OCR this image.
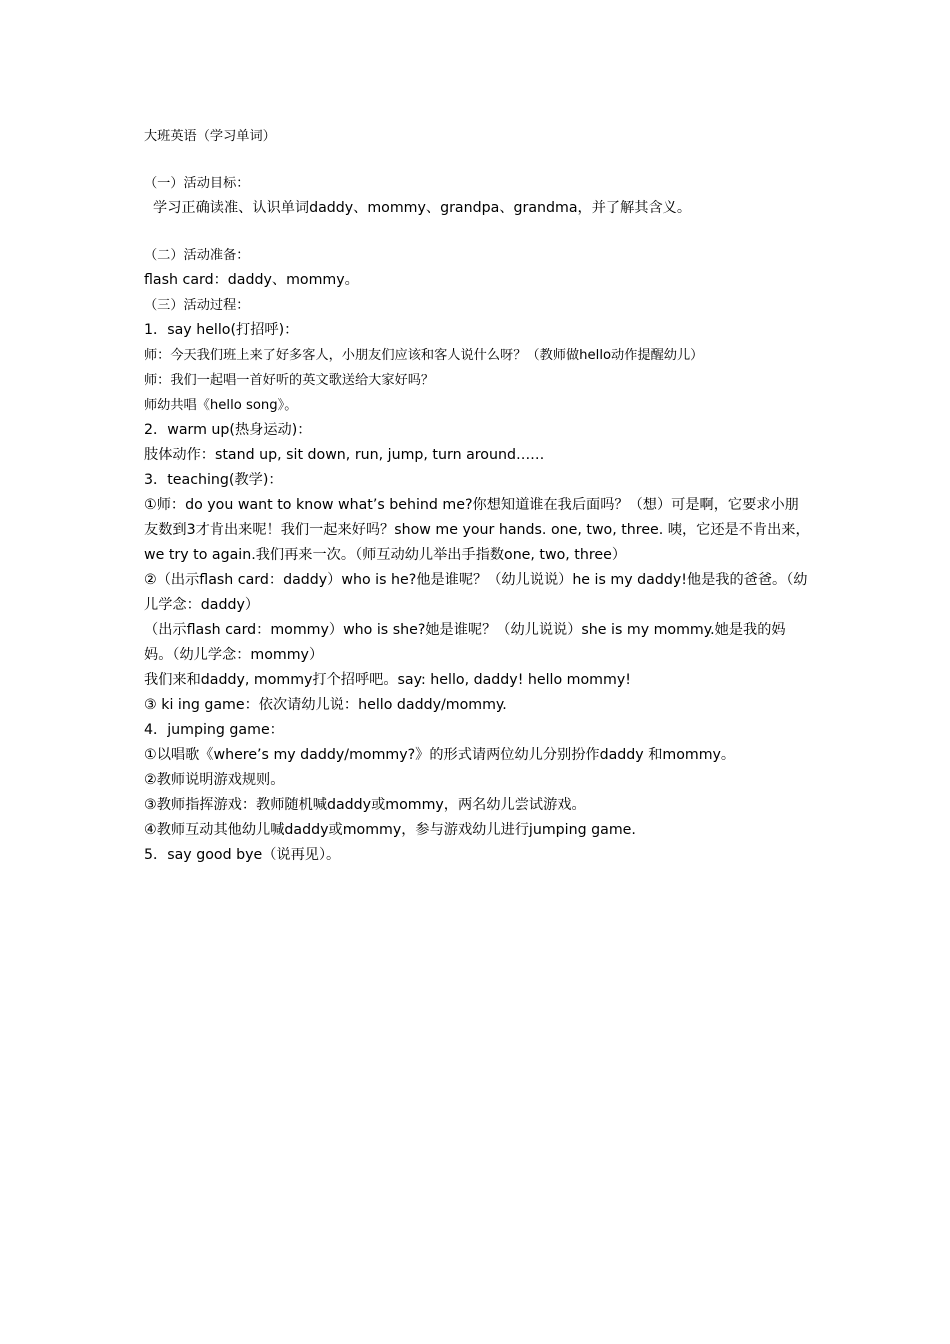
大班英语（学习单词）
（一）活动目标：
学习正确读准、认识单词daddy、mommy、grandpa、grandma，并了解其含义。
（二）活动准备：
flash card：daddy、mommy。
（三）活动过程：
1．say hello(打招呼)：
师：今天我们班上来了好多客人，小朋友们应该和客人说什么呀？（教师做hello动作提醒幼儿）
师：我们一起唱一首好听的英文歌送给大家好吗？
师幼共唱《hello song》。
2．warm up(热身运动)：
肢体动作：stand up, sit down, run, jump, turn around……
3．teaching(教学)：
①师：do you want to know what’s behind me?你想知道谁在我后面吗？（想）可是啊，它要求小朋友数到3才肯出来呢！我们一起来好吗？show me your hands. one, two, three. 咦，它还是不肯出来，we try to again.我们再来一次。（师互动幼儿举出手指数one, two, three）
②（出示flash card：daddy）who is he?他是谁呢？（幼儿说说）he is my daddy!他是我的爸爸。（幼儿学念：daddy）
（出示flash card：mommy）who is she?她是谁呢？（幼儿说说）she is my mommy.她是我的妈妈。（幼儿学念：mommy）
我们来和daddy, mommy打个招呼吧。say: hello, daddy! hello mommy!
③ ki ing game：依次请幼儿说：hello daddy/mommy.
4．jumping game：
①以唱歌《where’s my daddy/mommy?》的形式请两位幼儿分别扮作daddy 和mommy。
②教师说明游戏规则。
③教师指挥游戏：教师随机喊daddy或mommy，两名幼儿尝试游戏。
④教师互动其他幼儿喊daddy或mommy，参与游戏幼儿进行jumping game.
5．say good bye（说再见）。
